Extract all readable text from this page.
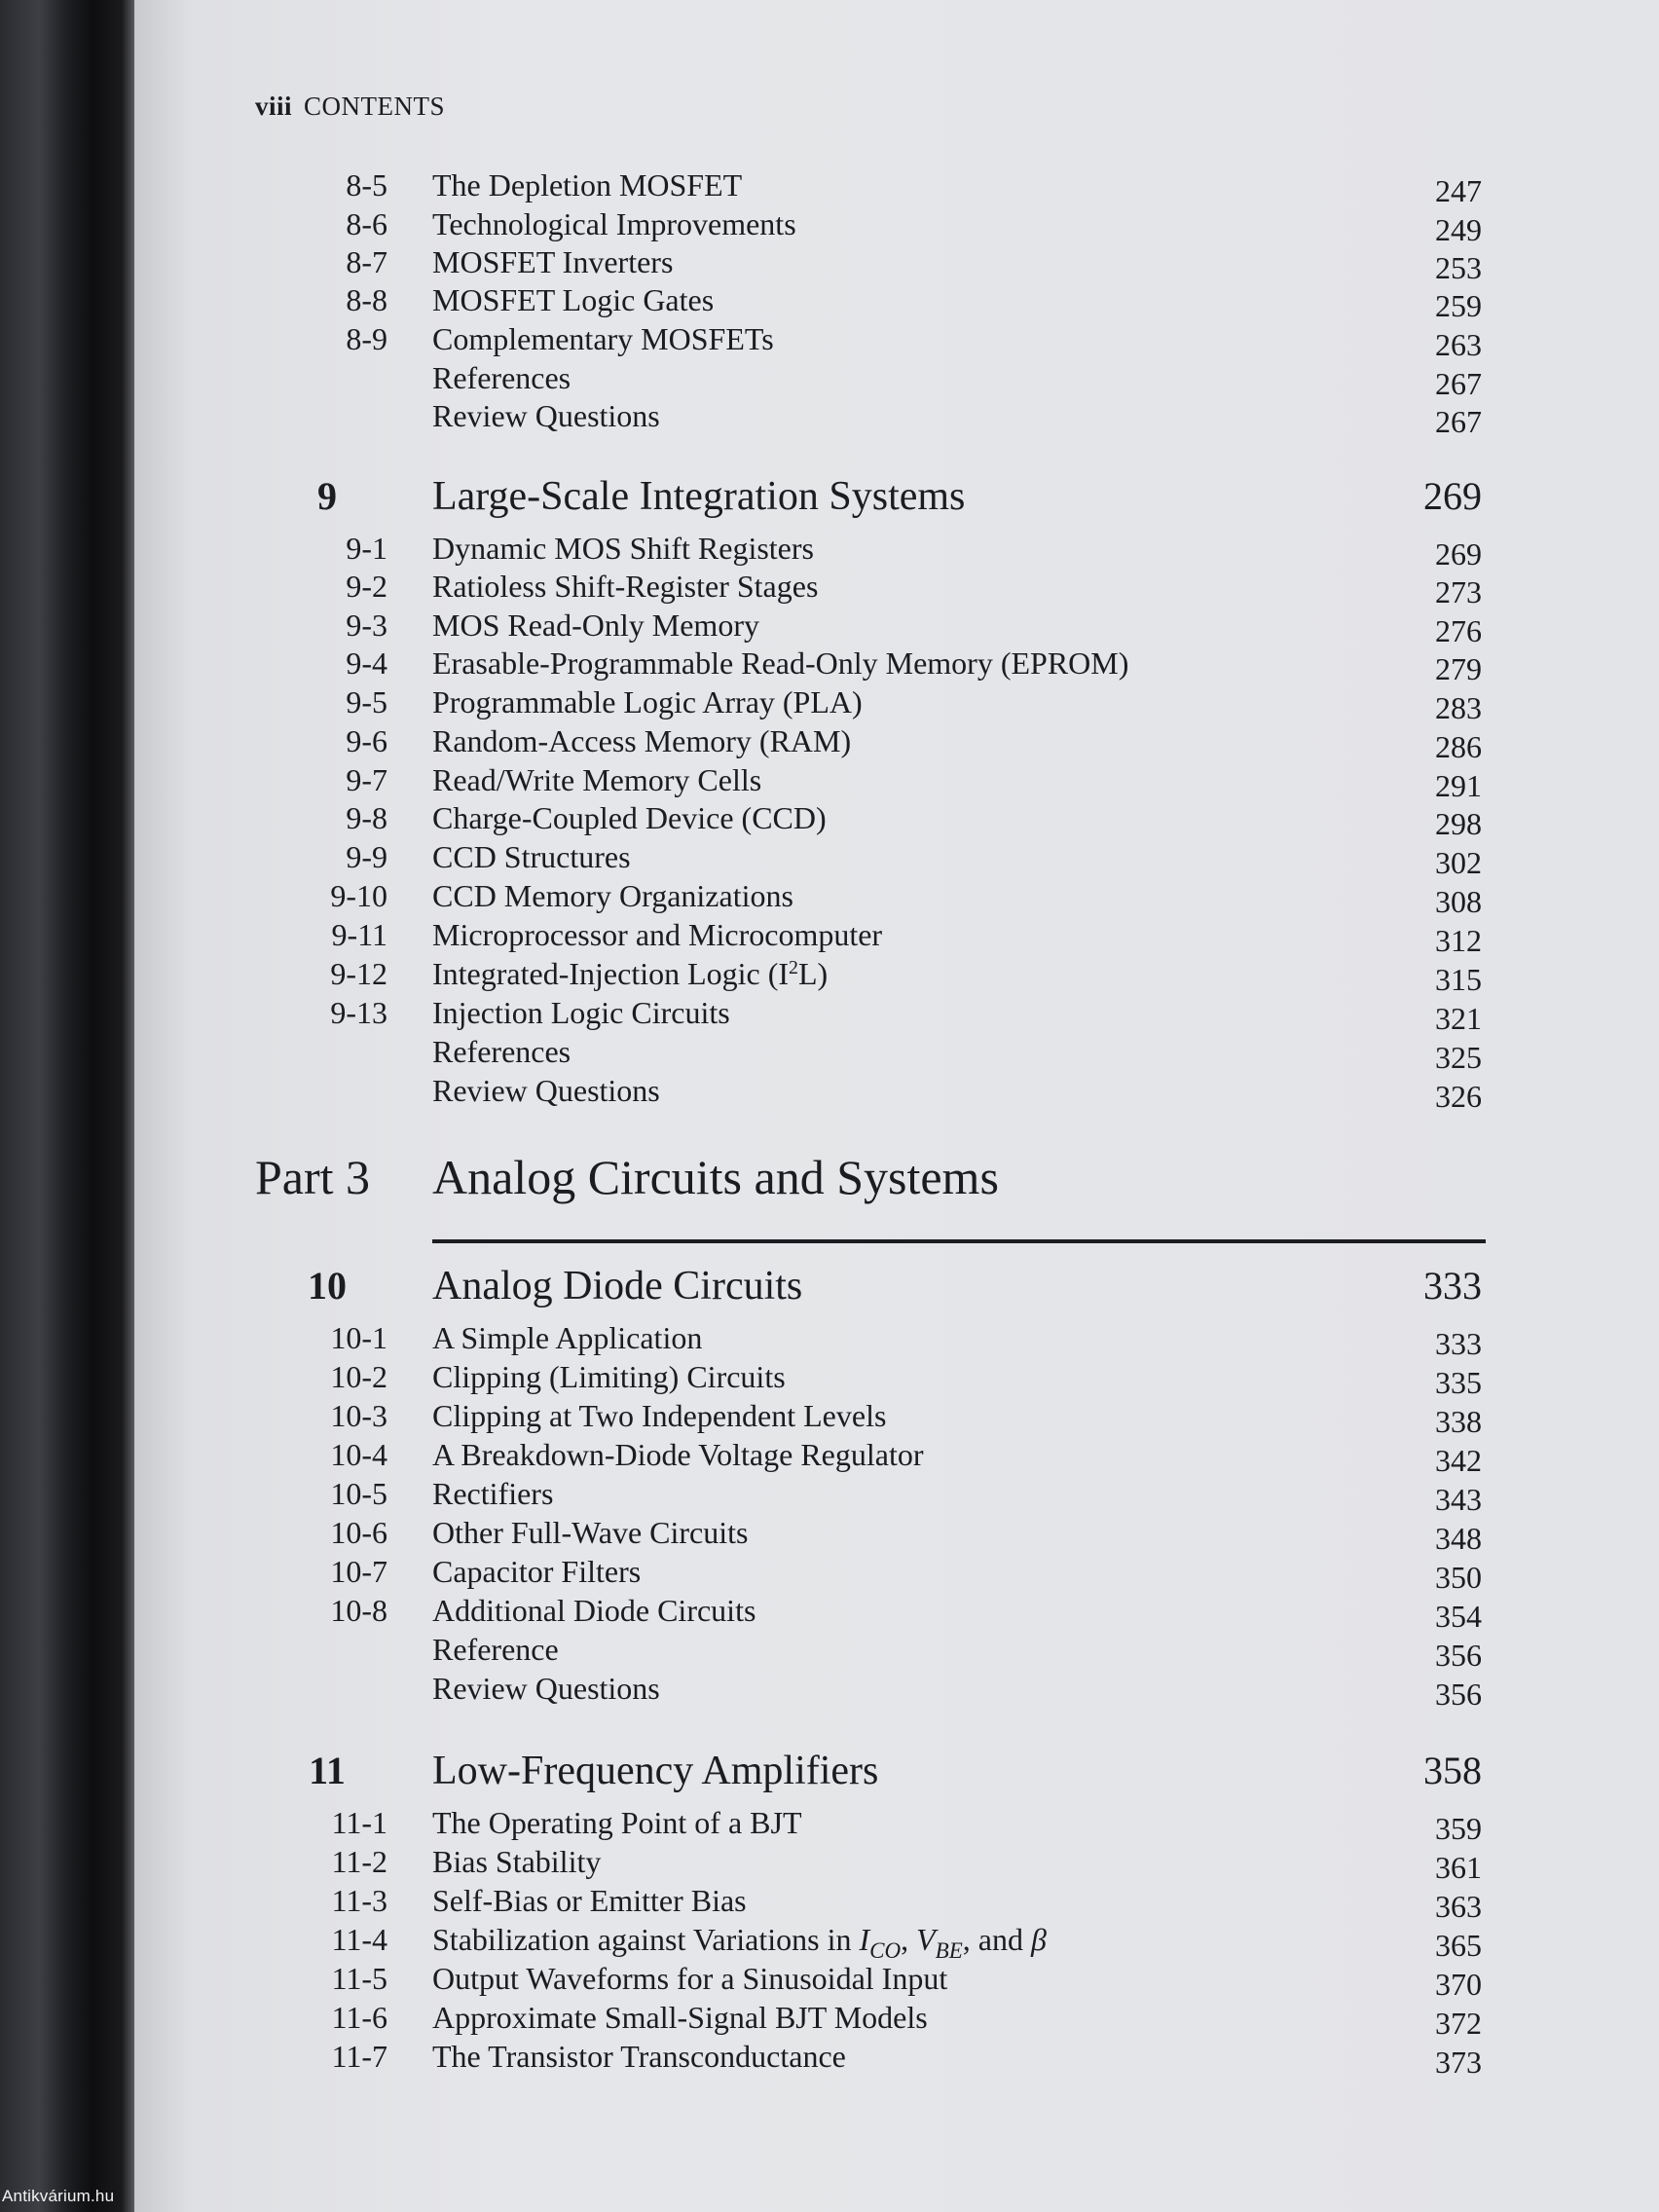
Antikvárium.hu
viii CONTENTS
8-5 The Depletion MOSFET	247
8-6 Technological Improvements	249
8-7 MOSFET Inverters	253
8-8 MOSFET Logic Gates	259
8-9 Complementary MOSFETs	263
References	267
Review Questions	267
9	Large-Scale Integration Systems	269
9-1 Dynamic MOS Shift Registers	269
9-2 Ratioless Shift-Register Stages	273
9-3 MOS Read-Only Memory	276
9-4 Erasable-Programmable Read-Only Memory (EPROM)	279
9-5 Programmable Logic Array (PLA)	283
9-6 Random-Access Memory (RAM)	286
9-7 Read/Write Memory Cells	291
9-8 Charge-Coupled Device (CCD)	298
9-9 CCD Structures	302
9-10 CCD Memory Organizations	308
9-11 Microprocessor and Microcomputer	312
9-12 Integrated-Injection Logic $(I^2L)$	315
9-13 Injection Logic Circuits	321
References	325
Review Questions	326
Part 3 Analog Circuits and Systems
10	Analog Diode Circuits	333
10-1 A Simple Application	333
10-2 Clipping (Limiting) Circuits	335
10-3 Clipping at Two Independent Levels	338
10-4 A Breakdown-Diode Voltage Regulator	342
10-5 Rectifiers	343
10-6 Other Full-Wave Circuits	348
10-7 Capacitor Filters	350
10-8 Additional Diode Circuits	354
Reference	356
Review Questions	356
11	Low-Frequency Amplifiers	358
11-1 The Operating Point of a BJT	359
11-2 Bias Stability	361
11-3 Self-Bias or Emitter Bias	363
11-4 Stabilization against Variations in $I_{CO}$, $V_{BE}$, and β	365
11-5 Output Waveforms for a Sinusoidal Input	370
11-6 Approximate Small-Signal BJT Models	372
11-7 The Transistor Transconductance	373
